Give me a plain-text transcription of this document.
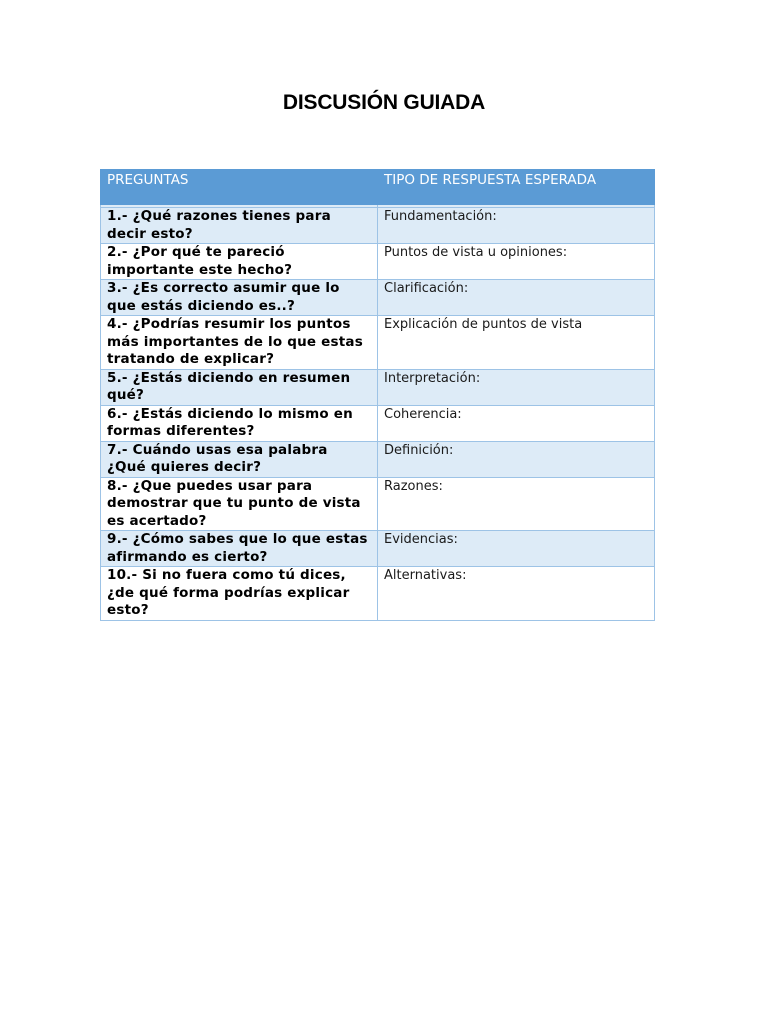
DISCUSIÓN GUIADA
PREGUNTAS	TIPO DE RESPUESTA ESPERADA

1.- ¿Qué razones tienes para decir esto?	Fundamentación:
2.- ¿Por qué te pareció importante este hecho?	Puntos de vista u opiniones:
3.- ¿Es correcto asumir que lo que estás diciendo es..?	Clarificación:
4.- ¿Podrías resumir los puntos más importantes de lo que estas tratando de explicar?	Explicación de puntos de vista
5.- ¿Estás diciendo en resumen qué?	Interpretación:
6.- ¿Estás diciendo lo mismo en formas diferentes?	Coherencia:
7.- Cuándo usas esa palabra ¿Qué quieres decir?	Definición:
8.- ¿Que puedes usar para demostrar que tu punto de vista es acertado?	Razones:
9.- ¿Cómo sabes que lo que estas afirmando es cierto?	Evidencias:
10.- Si no fuera como tú dices, ¿de qué forma podrías explicar esto?	Alternativas:
